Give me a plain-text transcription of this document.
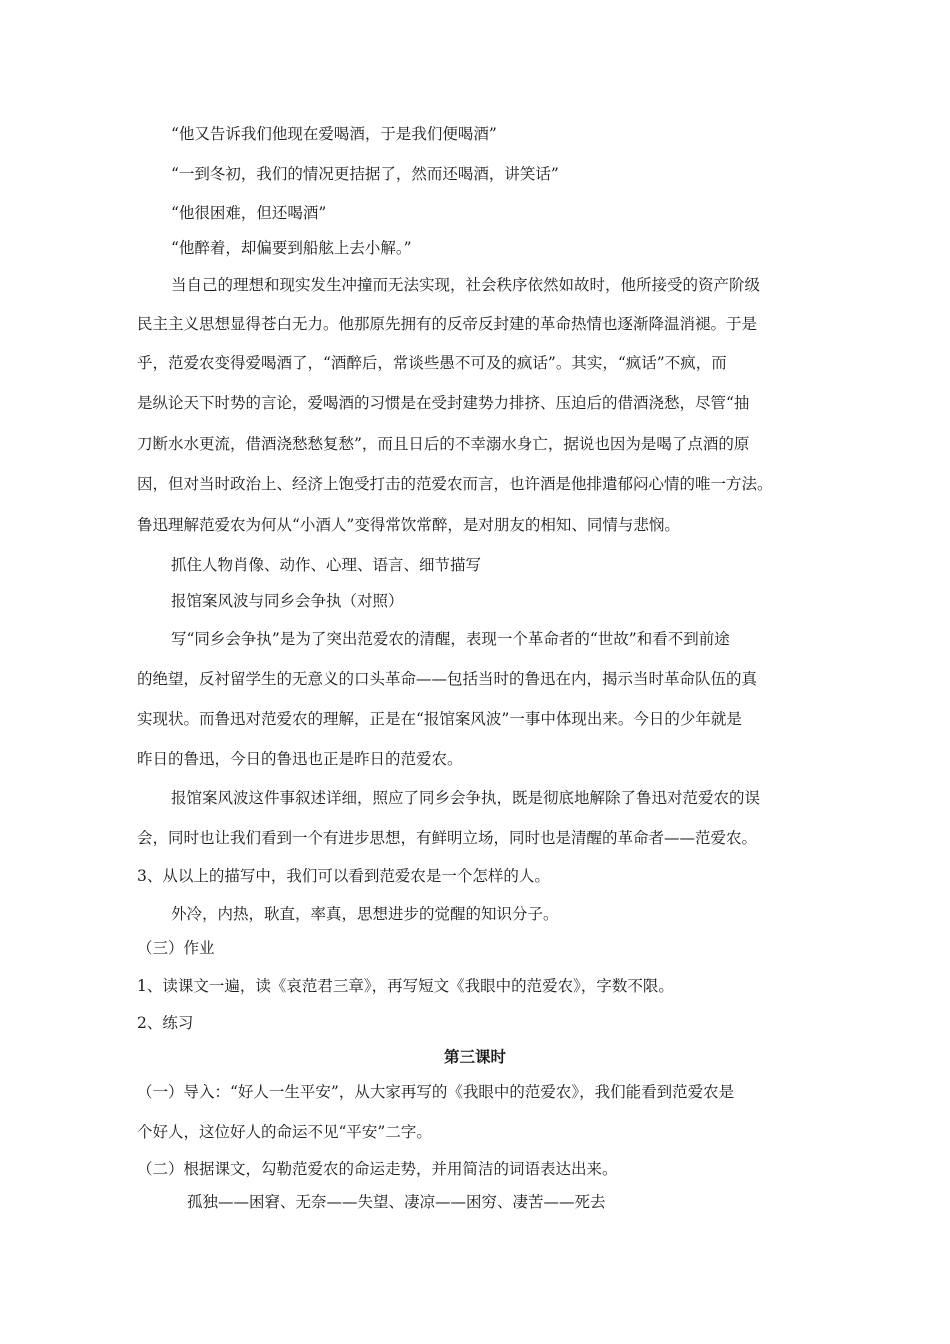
“他又告诉我们他现在爱喝酒，于是我们便喝酒”
“一到冬初，我们的情况更拮据了，然而还喝酒，讲笑话”
“他很困难，但还喝酒”
“他醉着，却偏要到船舷上去小解。”
当自己的理想和现实发生冲撞而无法实现，社会秩序依然如故时，他所接受的资产阶级
民主主义思想显得苍白无力。他那原先拥有的反帝反封建的革命热情也逐渐降温消褪。于是
乎，范爱农变得爱喝酒了，“酒醉后，常谈些愚不可及的疯话”。其实，“疯话”不疯，而
是纵论天下时势的言论，爱喝酒的习惯是在受封建势力排挤、压迫后的借酒浇愁，尽管“抽
刀断水水更流，借酒浇愁愁复愁”，而且日后的不幸溺水身亡，据说也因为是喝了点酒的原
因，但对当时政治上、经济上饱受打击的范爱农而言，也许酒是他排遣郁闷心情的唯一方法。
鲁迅理解范爱农为何从“小酒人”变得常饮常醉，是对朋友的相知、同情与悲悯。
抓住人物肖像、动作、心理、语言、细节描写
报馆案风波与同乡会争执（对照）
写“同乡会争执”是为了突出范爱农的清醒，表现一个革命者的“世故”和看不到前途
的绝望，反衬留学生的无意义的口头革命——包括当时的鲁迅在内，揭示当时革命队伍的真
实现状。而鲁迅对范爱农的理解，正是在“报馆案风波”一事中体现出来。今日的少年就是
昨日的鲁迅，今日的鲁迅也正是昨日的范爱农。
报馆案风波这件事叙述详细，照应了同乡会争执，既是彻底地解除了鲁迅对范爱农的误
会，同时也让我们看到一个有进步思想，有鲜明立场，同时也是清醒的革命者——范爱农。
3、从以上的描写中，我们可以看到范爱农是一个怎样的人。
外冷，内热，耿直，率真，思想进步的觉醒的知识分子。
（三）作业
1、读课文一遍，读《哀范君三章》，再写短文《我眼中的范爱农》，字数不限。
2、练习
第三课时
（一）导入：“好人一生平安”，从大家再写的《我眼中的范爱农》，我们能看到范爱农是
个好人，这位好人的命运不见“平安”二字。
（二）根据课文，勾勒范爱农的命运走势，并用简洁的词语表达出来。
孤独——困窘、无奈——失望、凄凉——困穷、凄苦——死去
